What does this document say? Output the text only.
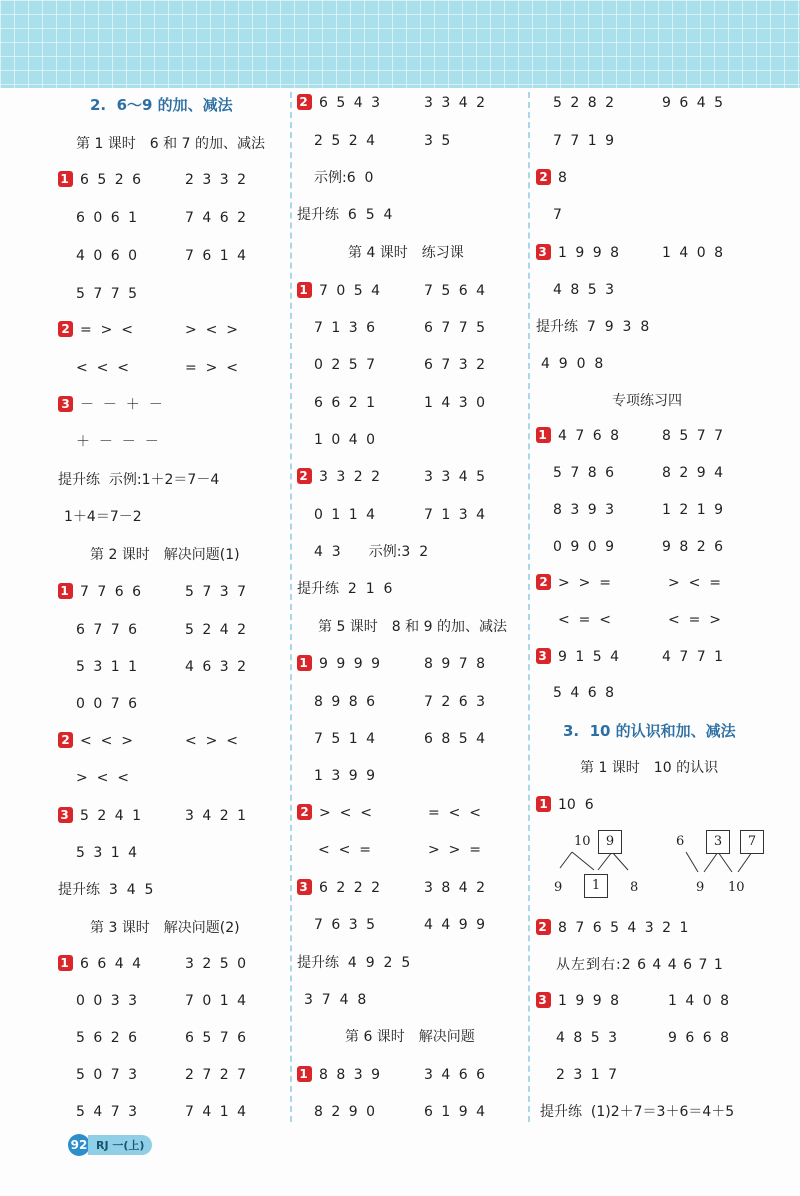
2.  6～9 的加、减法
第 1 课时　6 和 7 的加、减法
1 6 5 2 6	2 3 3 2
6 0 6 1	7 4 6 2
4 0 6 0	7 6 1 4
5 7 7 5
2 =  >  <	>  <  >
<  <  <	=  >  <
3 －  －  ＋  －
＋  －  －  －
提升练  示例:1＋2＝7－4
1＋4＝7－2
第 2 课时　解决问题(1)
1 7 7 6 6	5 7 3 7
6 7 7 6	5 2 4 2
5 3 1 1	4 6 3 2
0 0 7 6
2 <  <  >	<  >  <
>  <  <
3 5 2 4 1	3 4 2 1
5 3 1 4
提升练  3  4  5
第 3 课时　解决问题(2)
1 6 6 4 4	3 2 5 0
0 0 3 3	7 0 1 4
5 6 2 6	6 5 7 6
5 0 7 3	2 7 2 7
5 4 7 3	7 4 1 4
2 6 5 4 3	3 3 4 2
2 5 2 4	3 5
示例:6  0
提升练  6  5  4
第 4 课时　练习课
1 7 0 5 4	7 5 6 4
7 1 3 6	6 7 7 5
0 2 5 7	6 7 3 2
6 6 2 1	1 4 3 0
1 0 4 0
2 3 3 2 2	3 3 4 5
0 1 1 4	7 1 3 4
4  3　　示例:3  2
提升练  2  1  6
第 5 课时　8 和 9 的加、减法
1 9 9 9 9	8 9 7 8
8 9 8 6	7 2 6 3
7 5 1 4	6 8 5 4
1 3 9 9
2 >  <  <	=  <  <
<  <  =	>  >  =
3 6 2 2 2	3 8 4 2
7 6 3 5	4 4 9 9
提升练  4  9  2  5
3  7  4  8
第 6 课时　解决问题
1 8 8 3 9	3 4 6 6
8 2 9 0	6 1 9 4
5 2 8 2	9 6 4 5
7 7 1 9
2 8

7

3 1 9 9 8	1 4 0 8
4 8 5 3
提升练  7  9  3  8
4  9  0  8
专项练习四
1 4 7 6 8	8 5 7 7
5 7 8 6	8 2 9 4
8 3 9 3	1 2 1 9
0 9 0 9	9 8 2 6
2 >  >  =	>  <  =
<  =  <	<  =  >
3 9 1 5 4	4 7 7 1
5 4 6 8
3.  10 的认识和加、减法
第 1 课时　10 的认识
1 10  6
10	9
9	1	8
6	3	7
9 10
2 8 7 6 5 4 3 2 1
从左到右:2 6 4 4 6 7 1
3 1 9 9 8	1 4 0 8
4 8 5 3	9 6 6 8
2 3 1 7
提升练  (1)2＋7＝3＋6＝4＋5
92 RJ 一(上)
